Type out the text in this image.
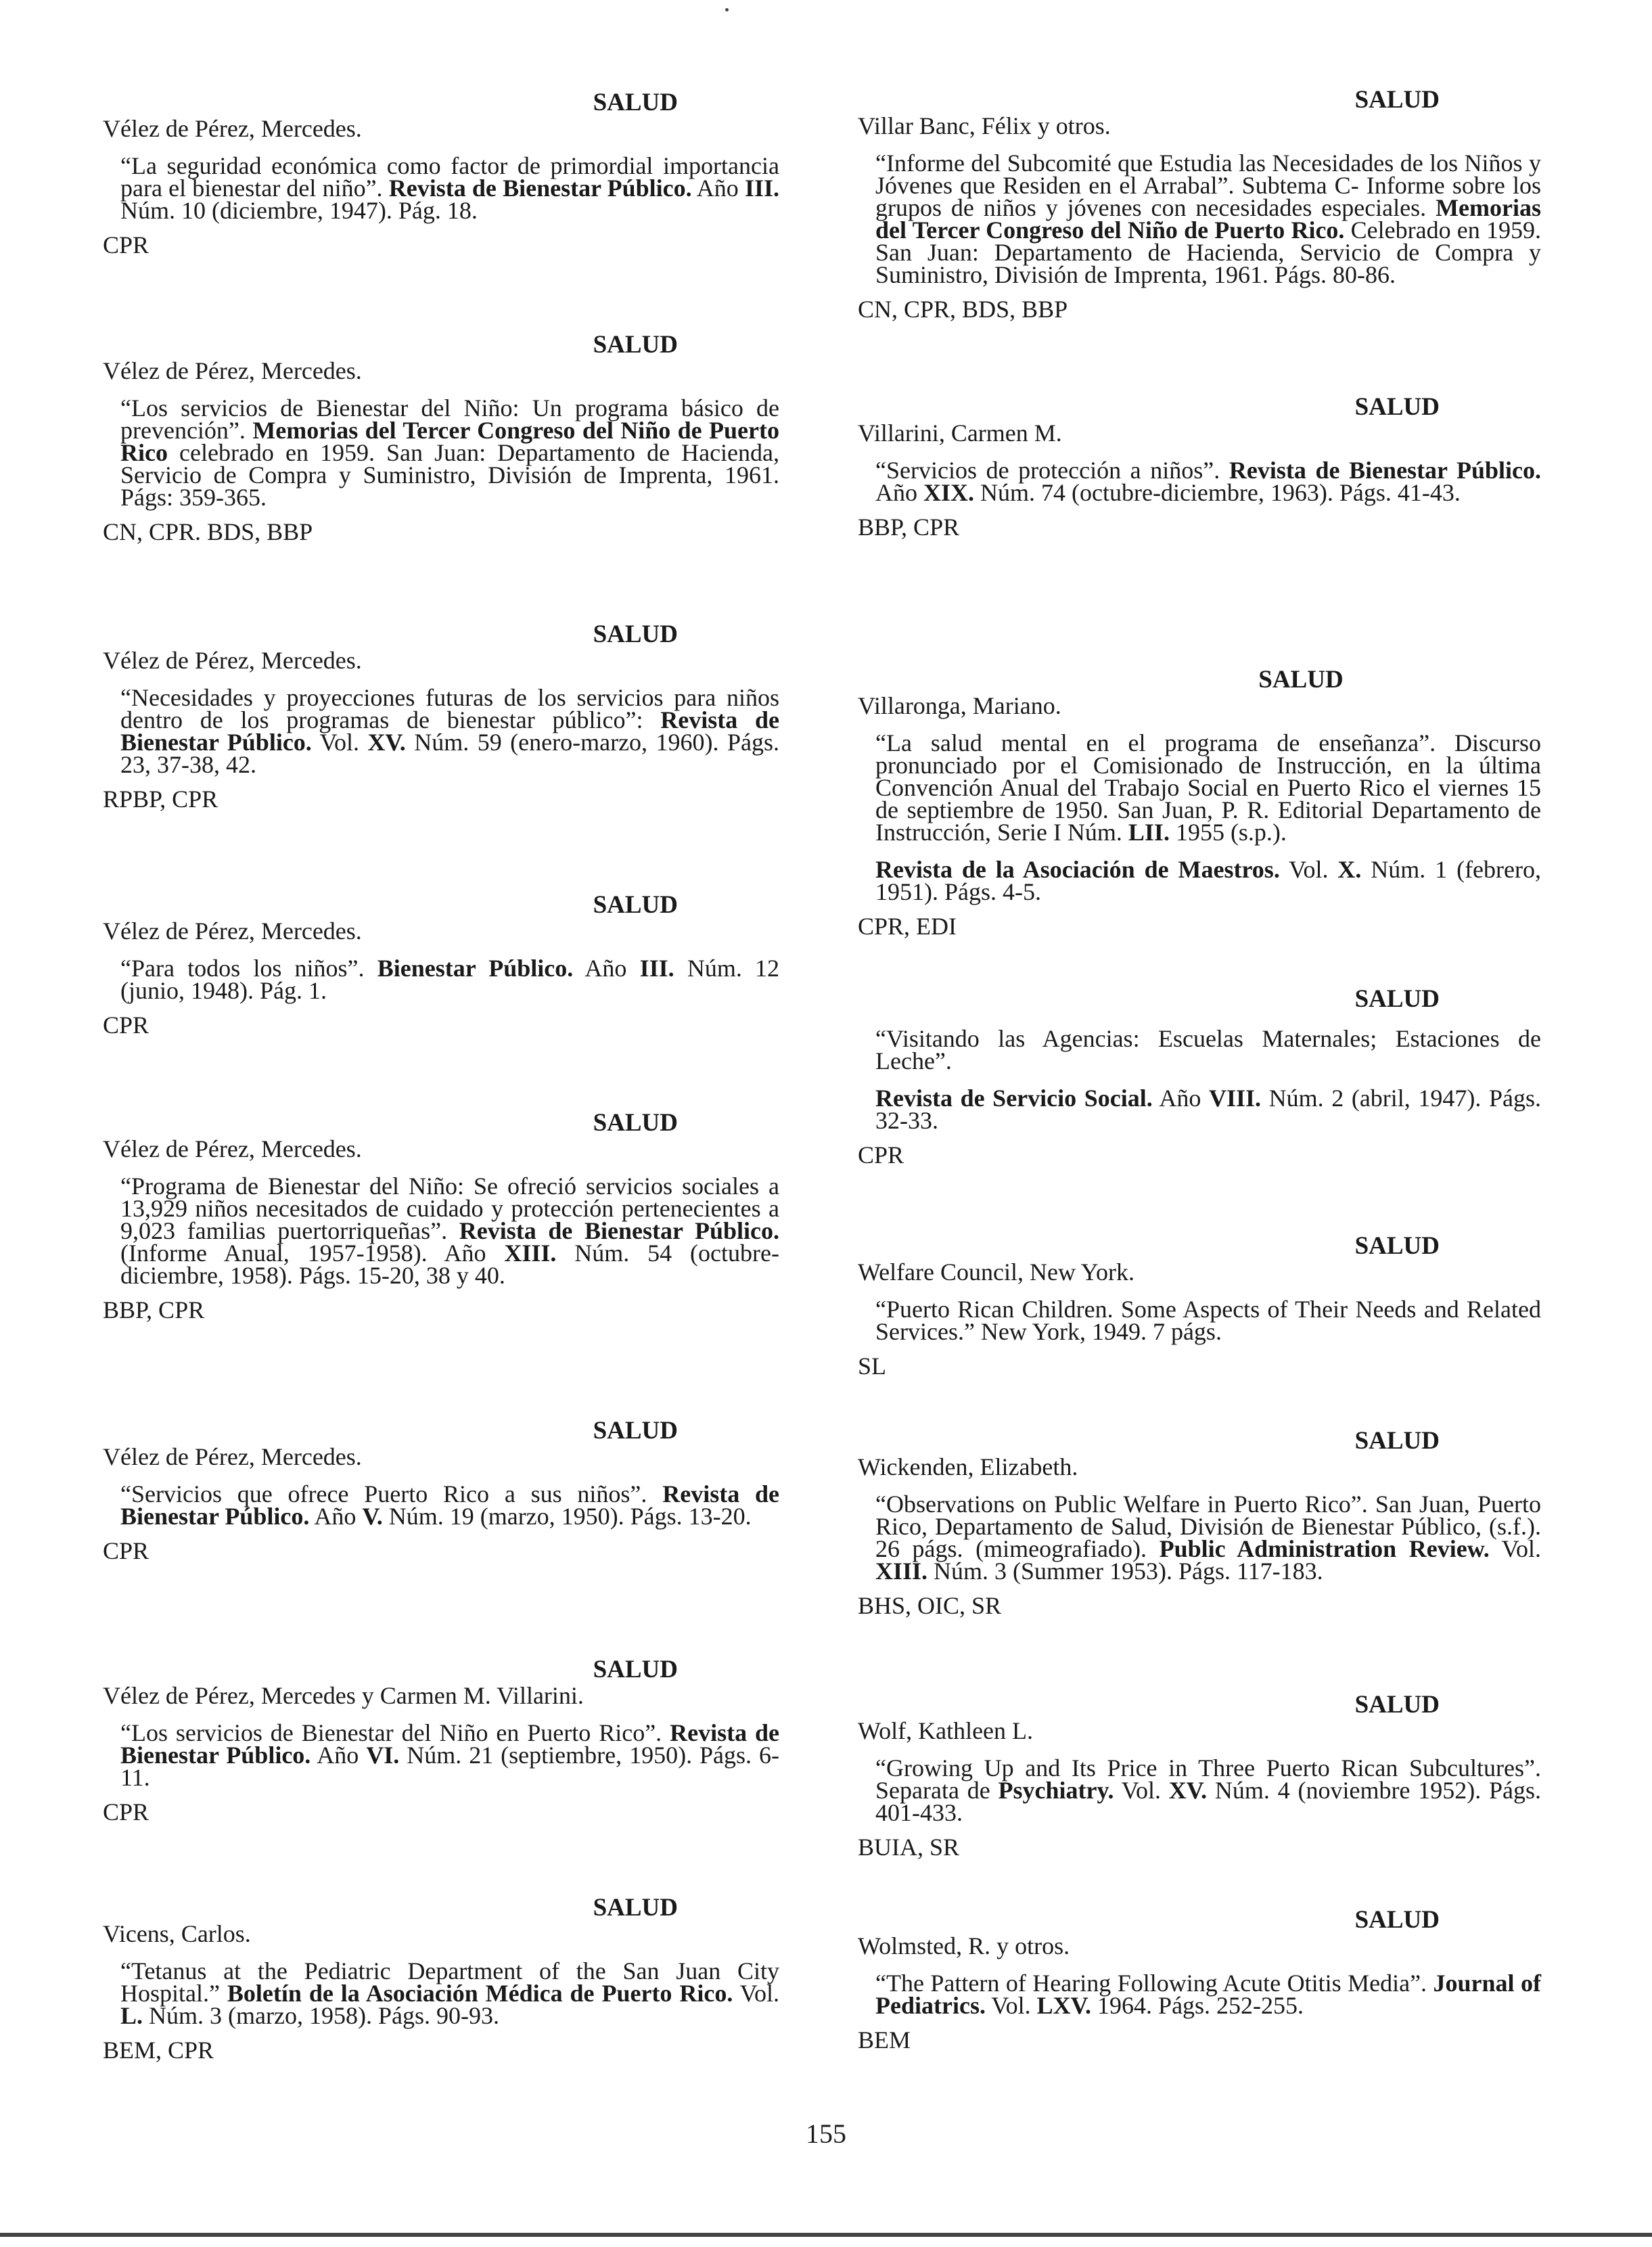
SALUD
Vélez de Pérez, Mercedes.
“La seguridad económica como factor de primordial importancia para el bienestar del niño”. Revista de Bienestar Público. Año III. Núm. 10 (diciembre, 1947). Pág. 18.
CPR
SALUD
Vélez de Pérez, Mercedes.
“Los servicios de Bienestar del Niño: Un programa básico de prevención”. Memorias del Tercer Congreso del Niño de Puerto Rico celebrado en 1959. San Juan: Departamento de Hacienda, Servicio de Compra y Suministro, División de Imprenta, 1961. Págs: 359-365.
CN, CPR. BDS, BBP
SALUD
Vélez de Pérez, Mercedes.
“Necesidades y proyecciones futuras de los servicios para niños dentro de los programas de bienestar público”: Revista de Bienestar Público. Vol. XV. Núm. 59 (enero-marzo, 1960). Págs. 23, 37-38, 42.
RPBP, CPR
SALUD
Vélez de Pérez, Mercedes.
“Para todos los niños”. Bienestar Público. Año III. Núm. 12 (junio, 1948). Pág. 1.
CPR
SALUD
Vélez de Pérez, Mercedes.
“Programa de Bienestar del Niño: Se ofreció servicios sociales a 13,929 niños necesitados de cuidado y protección pertenecientes a 9,023 familias puertorriqueñas”. Revista de Bienestar Público. (Informe Anual, 1957-1958). Año XIII. Núm. 54 (octubre-diciembre, 1958). Págs. 15-20, 38 y 40.
BBP, CPR
SALUD
Vélez de Pérez, Mercedes.
“Servicios que ofrece Puerto Rico a sus niños”. Revista de Bienestar Público. Año V. Núm. 19 (marzo, 1950). Págs. 13-20.
CPR
SALUD
Vélez de Pérez, Mercedes y Carmen M. Villarini.
“Los servicios de Bienestar del Niño en Puerto Rico”. Revista de Bienestar Público. Año VI. Núm. 21 (septiembre, 1950). Págs. 6-11.
CPR
SALUD
Vicens, Carlos.
“Tetanus at the Pediatric Department of the San Juan City Hospital.” Boletín de la Asociación Médica de Puerto Rico. Vol. L. Núm. 3 (marzo, 1958). Págs. 90-93.
BEM, CPR
SALUD
Villar Banc, Félix y otros.
“Informe del Subcomité que Estudia las Necesidades de los Niños y Jóvenes que Residen en el Arrabal”. Subtema C- Informe sobre los grupos de niños y jóvenes con necesidades especiales. Memorias del Tercer Congreso del Niño de Puerto Rico. Celebrado en 1959. San Juan: Departamento de Hacienda, Servicio de Compra y Suministro, División de Imprenta, 1961. Págs. 80-86.
CN, CPR, BDS, BBP
SALUD
Villarini, Carmen M.
“Servicios de protección a niños”. Revista de Bienestar Público. Año XIX. Núm. 74 (octubre-diciembre, 1963). Págs. 41-43.
BBP, CPR
SALUD
Villaronga, Mariano.
“La salud mental en el programa de enseñanza”. Discurso pronunciado por el Comisionado de Instrucción, en la última Convención Anual del Trabajo Social en Puerto Rico el viernes 15 de septiembre de 1950. San Juan, P. R. Editorial Departamento de Instrucción, Serie I Núm. LII. 1955 (s.p.).
Revista de la Asociación de Maestros. Vol. X. Núm. 1 (febrero, 1951). Págs. 4-5.
CPR, EDI
SALUD
“Visitando las Agencias: Escuelas Maternales; Estaciones de Leche”.
Revista de Servicio Social. Año VIII. Núm. 2 (abril, 1947). Págs. 32-33.
CPR
SALUD
Welfare Council, New York.
“Puerto Rican Children. Some Aspects of Their Needs and Related Services.” New York, 1949. 7 págs.
SL
SALUD
Wickenden, Elizabeth.
“Observations on Public Welfare in Puerto Rico”. San Juan, Puerto Rico, Departamento de Salud, División de Bienestar Público, (s.f.). 26 págs. (mimeografiado). Public Administration Review. Vol. XIII. Núm. 3 (Summer 1953). Págs. 117-183.
BHS, OIC, SR
SALUD
Wolf, Kathleen L.
“Growing Up and Its Price in Three Puerto Rican Subcultures”. Separata de Psychiatry. Vol. XV. Núm. 4 (noviembre 1952). Págs. 401-433.
BUIA, SR
SALUD
Wolmsted, R. y otros.
“The Pattern of Hearing Following Acute Otitis Media”. Journal of Pediatrics. Vol. LXV. 1964. Págs. 252-255.
BEM
155
